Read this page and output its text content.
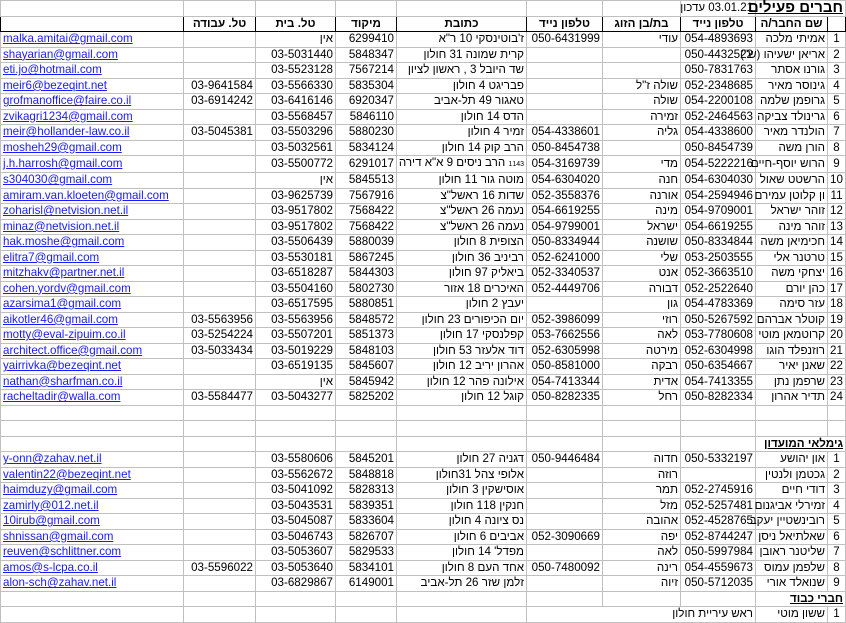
							03.01.21 עדכון	חברים פעילים	
	טל. עבודה	טל. בית	מיקוד	כתובת	טלפון נייד	בת/בן הזוג	טלפון נייד	שם החבר/ה	
malka.amitai@gmail.com		אין	6299410	ז'בוטינסקי 10 ר"א	050-6431999	עודי	054-4893693	אמיתי מלכה	1
shayarian@gmail.com		03-5031440	5848347	קרית שמונה 31 חולון			050-4432522	אריאן ישעיהו (ש")	2
eti.jo@hotmail.com		03-5523128	7567214	שד היובל 3 , ראשון לציון			050-7831763	גורנו אסתר	3
meir6@bezeqint.net	03-9641584	03-5566330	5835304	פבריגט 4 חולון		שולה ז"ל	052-2348685	גינוסר מאיר	4
grofmanoffice@faire.co.il	03-6914242	03-6416146	6920347	טאגור 49 תל-אביב		שולה	054-2200108	גרופמן שלמה	5
zvikagri1234@gmail.com		03-5568457	5846110	הדס 14 חולון		זמירה	052-2464563	גרינולד צביקה	6
meir@hollander-law.co.il	03-5045381	03-5503296	5880230	זמיר 4 חולון	054-4338601	גליה	054-4338600	הולנדר מאיר	7
mosheh29@gmail.com		03-5032561	5834124	הרב קוק 14 חולון	050-8454738		050-8454739	הורן משה	8
j.h.harrosh@gmail.com		03-5500772	6291017	1143 הרב ניסים 9 א"א דירה	054-3169739	מדי	054-5222216	הרוש יוסף-חיים	9
s304030@gmail.com		אין	5845513	מוטה גור 11 חולון	054-6304020	חנה	054-6304030	הרשטט שאול	10
amiram.van.kloeten@gmail.com		03-9625739	7567916	שדות 16 ראשל"צ	052-3558376	אורנה	054-2594946	ון קלוטן עמירם	11
zoharisl@netvision.net.il		03-9517802	7568422	נעמה 26 ראשל"צ	054-6619255	מינה	054-9709001	זוהר ישראל	12
minaz@netvision.net.il		03-9517802	7568422	נעמה 26 ראשל"צ	054-9799001	ישראל	054-6619255	זוהר מינה	13
hak.moshe@gmail.com		03-5506439	5880039	הצופית 8 חולון	050-8334944	שושנה	050-8334844	חכימיאן משה	14
elitra7@gmail.com		03-5530181	5867245	רביניב 36 חולון	052-6241000	שלי	053-2503555	טרטנר אלי	15
mitzhakv@partner.net.il		03-6518287	5844303	ביאליק 97 חולון	052-3340537	אנט	052-3663510	יצחקי משה	16
cohen.yordv@gmail.com		03-5504160	5802730	האיכרים 18 אזור	052-4449706	דבורה	052-2522640	כהן יורם	17
azarsima1@gmail.com		03-6517595	5880851	יעבץ 2 חולון		גון	054-4783369	עזר סימה	18
aikotler46@gmail.com	03-5563956	03-5563956	5848572	יום הכיפורים 23 חולון	052-3986099	רוזי	050-5267592	קוטלר אברהם	19
motty@eval-zipuim.co.il	03-5254224	03-5507201	5851373	קפלנסקי 17 חולון	053-7662556	לאה	053-7780608	קרוטמאן מוטי	20
architect.office@gmail.com	03-5033434	03-5019229	5848103	דוד אלעזר 53 חולון	052-6305998	מירטה	052-6304998	רוזנפלד הוגו	21
yairrivka@bezeqint.net		03-6519135	5845607	אהרון יריב 12 חולון	050-8581000	רבקה	050-6354667	שאנן יאיר	22
nathan@sharfman.co.il		אין	5845942	אילונה פהר 12 חולון	054-7413344	אדית	054-7413355	שרפמן נתן	23
racheltadir@walla.com	03-5584477	03-5043277	5825202	קוגל 12 חולון	050-8282335	רחל	050-8282334	תדיר אהרון	24

								גימלאי המועדון	
y-onn@zahav.net.il		03-5580606	5845201	דגניה 27 חולון	050-9446484	חדוה	050-5332197	און יהושע	1
valentin22@bezeqint.net		03-5562672	5848818	אלופי צהל 31חולון		רוזה		גכטמן ולנטין	2
haimduzy@gmail.com		03-5041092	5828313	אוסישקין 3 חולון		תמר	052-2745916	דודי חיים	3
zamirly@012.net.il		03-5043531	5839351	חנקין 118 חולון		מזל	052-5257481	זמירלי אביגנום	4
10irub@gmail.com		03-5045087	5833604	נס ציונה 4 חולון		אהובה	052-4528765	רובינשטיין יעקב	5
shnissan@gmail.com		03-5046743	5826707	אביבים 6 חולון	052-3090669	יפה	052-8744247	שאלתיאל ניסן	6
reuven@schlittner.com		03-5053607	5829533	מפדל' 14 חולון		לאה	050-5997984	שליטנר ראובן	7
amos@s-lcpa.co.il	03-5596022	03-5053640	5834101	אחד העם 8 חולון	050-7480092	רינה	054-4559673	שלפמן עמוס	8
alon-sch@zahav.net.il		03-6829867	6149001	זלמן שזר 26 תל-אביב		זיוה	050-5712035	שנואלד אורי	9
								חברי כבוד	
					ראש עיריית חולון			ששון מוטי	1
